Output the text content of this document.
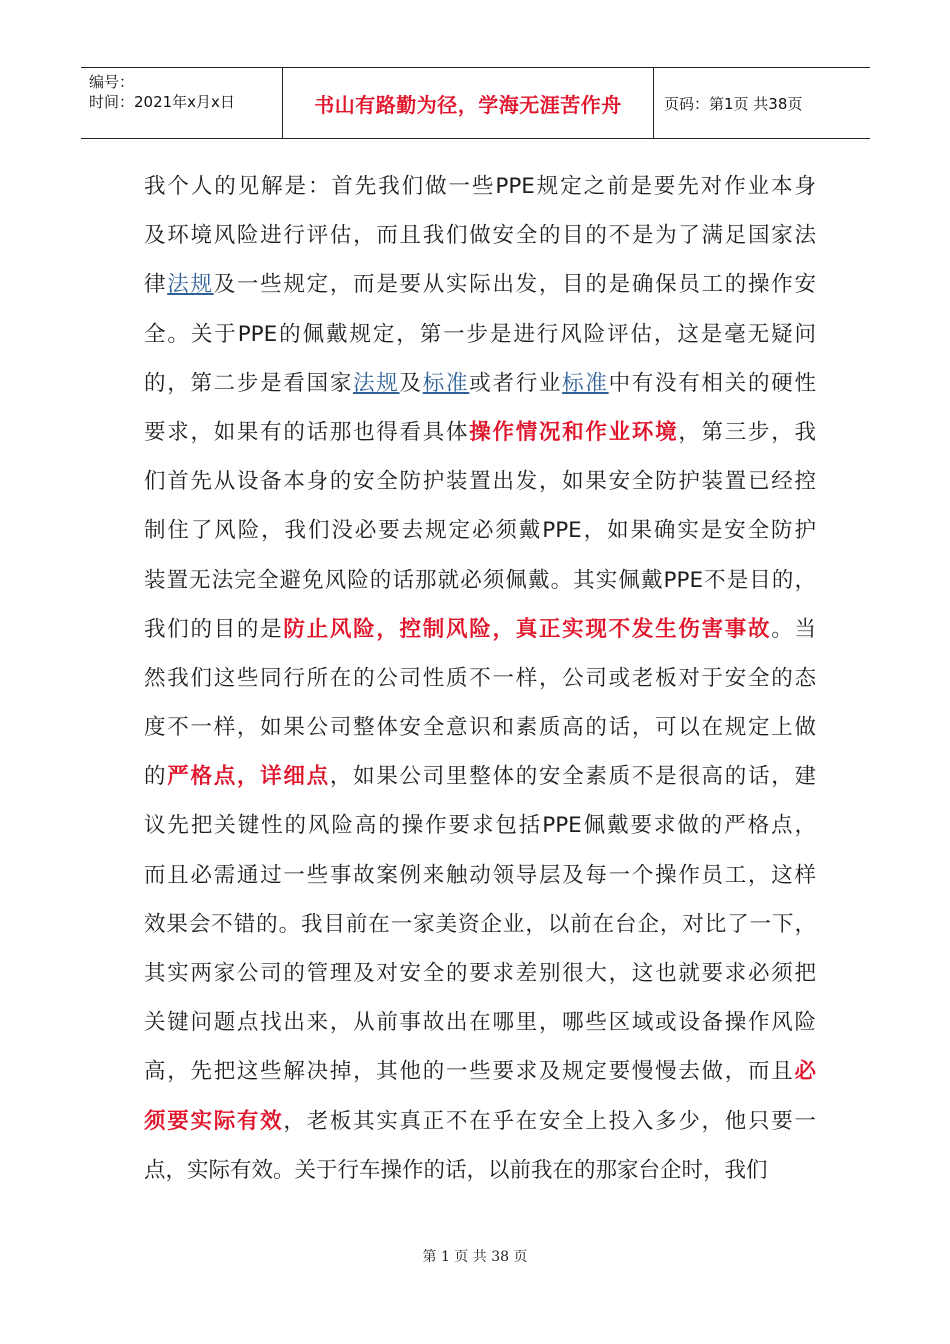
编号：
时间：2021年x月x日	书山有路勤为径，学海无涯苦作舟	页码：第1页 共38页
我个人的见解是：首先我们做一些PPE规定之前是要先对作业本身
及环境风险进行评估，而且我们做安全的目的不是为了满足国家法
律法规及一些规定，而是要从实际出发，目的是确保员工的操作安
全。关于PPE的佩戴规定，第一步是进行风险评估，这是毫无疑问
的，第二步是看国家法规及标准或者行业标准中有没有相关的硬性
要求，如果有的话那也得看具体操作情况和作业环境，第三步，我
们首先从设备本身的安全防护装置出发，如果安全防护装置已经控
制住了风险，我们没必要去规定必须戴PPE，如果确实是安全防护
装置无法完全避免风险的话那就必须佩戴。其实佩戴PPE不是目的，
我们的目的是防止风险，控制风险，真正实现不发生伤害事故。当
然我们这些同行所在的公司性质不一样，公司或老板对于安全的态
度不一样，如果公司整体安全意识和素质高的话，可以在规定上做
的严格点，详细点，如果公司里整体的安全素质不是很高的话，建
议先把关键性的风险高的操作要求包括PPE佩戴要求做的严格点，
而且必需通过一些事故案例来触动领导层及每一个操作员工，这样
效果会不错的。我目前在一家美资企业，以前在台企，对比了一下，
其实两家公司的管理及对安全的要求差别很大，这也就要求必须把
关键问题点找出来，从前事故出在哪里，哪些区域或设备操作风险
高，先把这些解决掉，其他的一些要求及规定要慢慢去做，而且必
须要实际有效，老板其实真正不在乎在安全上投入多少，他只要一
点，实际有效。关于行车操作的话，以前我在的那家台企时，我们
第 1 页 共 38 页
